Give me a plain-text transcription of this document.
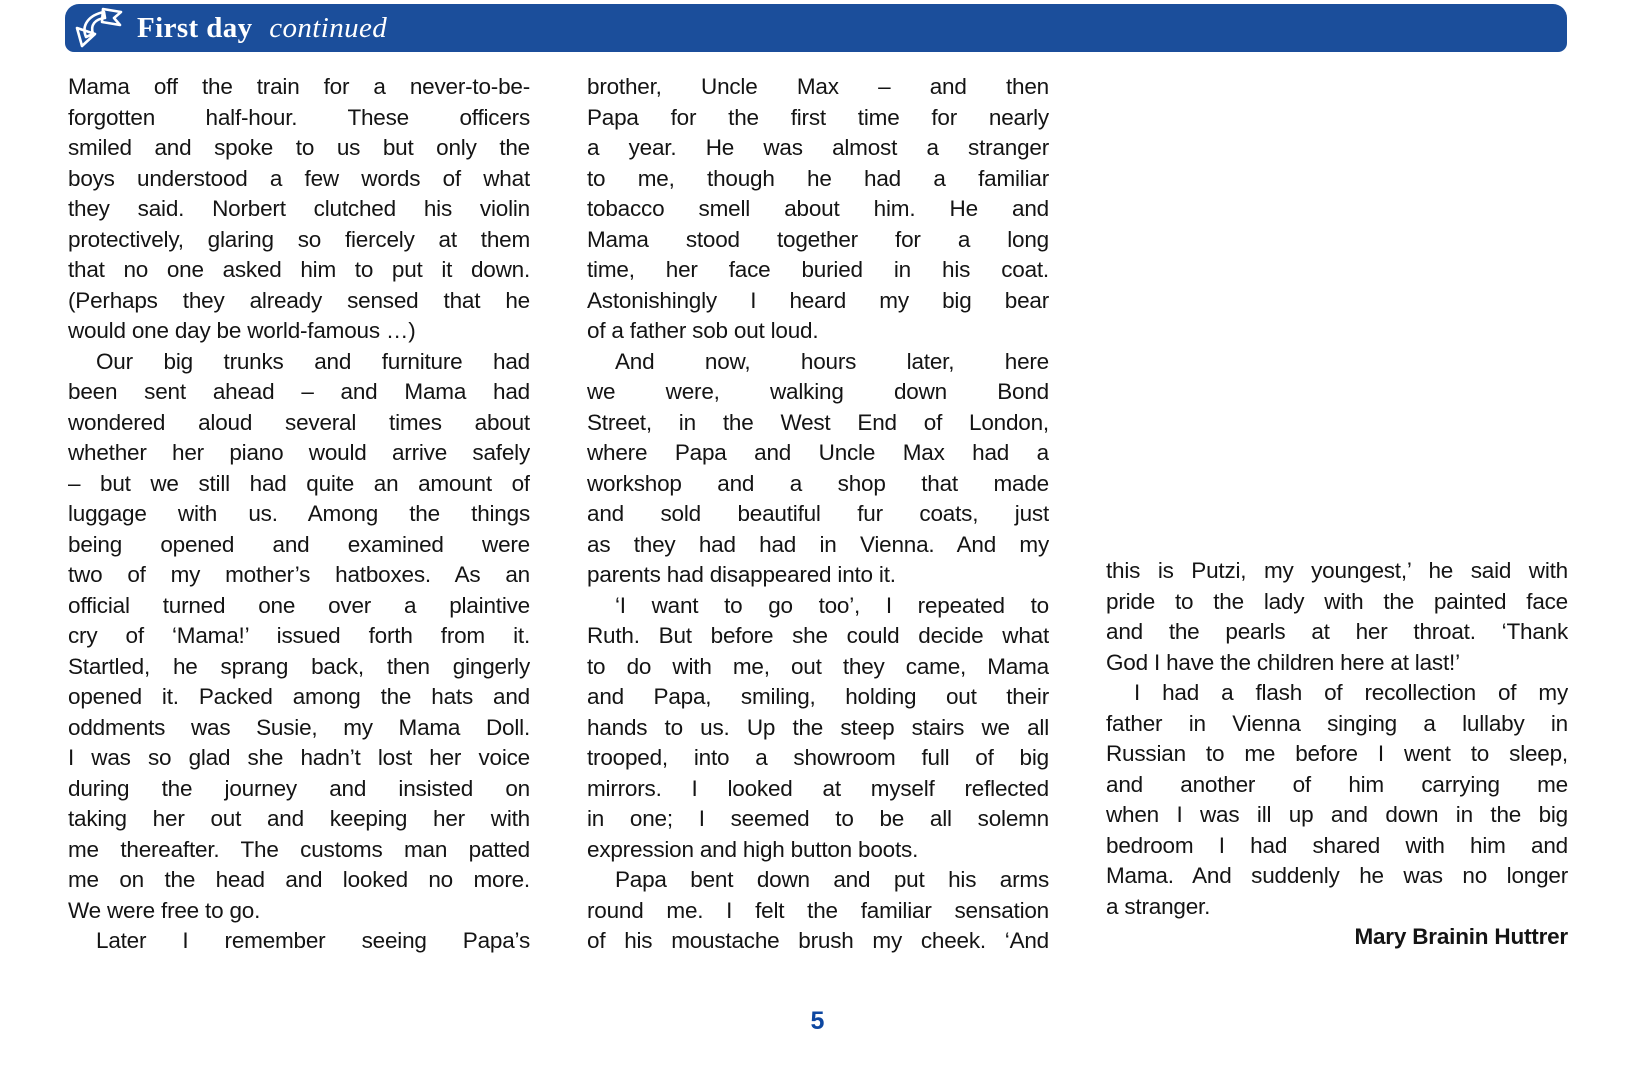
First day continued
Mama off the train for a never-to-be-
forgotten half-hour. These officers
smiled and spoke to us but only the
boys understood a few words of what
they said. Norbert clutched his violin
protectively, glaring so fiercely at them
that no one asked him to put it down.
(Perhaps they already sensed that he
would one day be world-famous …)
Our big trunks and furniture had
been sent ahead – and Mama had
wondered aloud several times about
whether her piano would arrive safely
– but we still had quite an amount of
luggage with us. Among the things
being opened and examined were
two of my mother’s hatboxes. As an
official turned one over a plaintive
cry of ‘Mama!’ issued forth from it.
Startled, he sprang back, then gingerly
opened it. Packed among the hats and
oddments was Susie, my Mama Doll.
I was so glad she hadn’t lost her voice
during the journey and insisted on
taking her out and keeping her with
me thereafter. The customs man patted
me on the head and looked no more.
We were free to go.
Later I remember seeing Papa’s
brother, Uncle Max – and then
Papa for the first time for nearly
a year. He was almost a stranger
to me, though he had a familiar
tobacco smell about him. He and
Mama stood together for a long
time, her face buried in his coat.
Astonishingly I heard my big bear
of a father sob out loud.
And now, hours later, here
we were, walking down Bond
Street, in the West End of London,
where Papa and Uncle Max had a
workshop and a shop that made
and sold beautiful fur coats, just
as they had had in Vienna. And my
parents had disappeared into it.
‘I want to go too’, I repeated to
Ruth. But before she could decide what
to do with me, out they came, Mama
and Papa, smiling, holding out their
hands to us. Up the steep stairs we all
trooped, into a showroom full of big
mirrors. I looked at myself reflected
in one; I seemed to be all solemn
expression and high button boots.
Papa bent down and put his arms
round me. I felt the familiar sensation
of his moustache brush my cheek. ‘And
this is Putzi, my youngest,’ he said with
pride to the lady with the painted face
and the pearls at her throat. ‘Thank
God I have the children here at last!’
I had a flash of recollection of my
father in Vienna singing a lullaby in
Russian to me before I went to sleep,
and another of him carrying me
when I was ill up and down in the big
bedroom I had shared with him and
Mama. And suddenly he was no longer
a stranger.
Mary Brainin Huttrer
5
